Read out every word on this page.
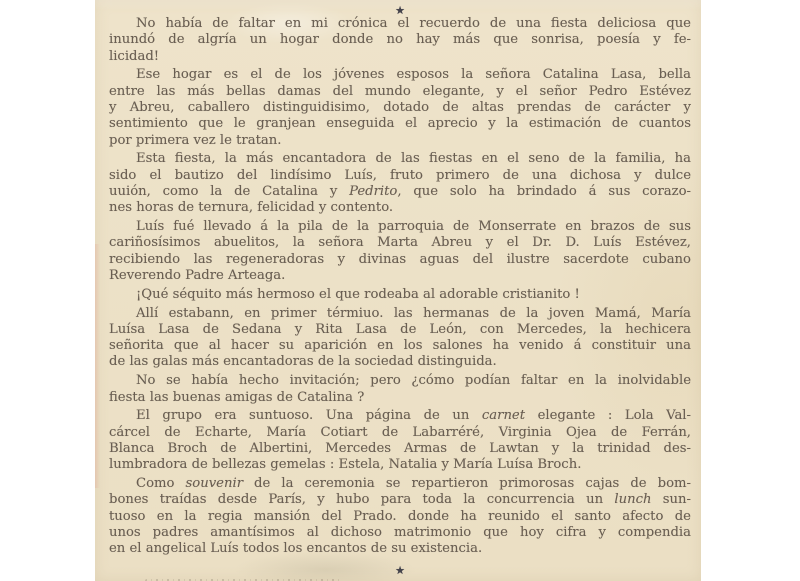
★
No había de faltar en mi crónica el recuerdo de una fiesta deliciosa que
inundó de algría un hogar donde no hay más que sonrisa, poesía y fe-
licidad!
Ese hogar es el de los jóvenes esposos la señora Catalina Lasa, bella
entre las más bellas damas del mundo elegante, y el señor Pedro Estévez
y Abreu, caballero distinguidisimo, dotado de altas prendas de carácter y
sentimiento que le granjean enseguida el aprecio y la estimación de cuantos
por primera vez le tratan.
Esta fiesta, la más encantadora de las fiestas en el seno de la familia, ha
sido el bautizo del lindísimo Luís, fruto primero de una dichosa y dulce
uuión, como la de Catalina y Pedrito, que solo ha brindado á sus corazo-
nes horas de ternura, felicidad y contento.
Luís fué llevado á la pila de la parroquia de Monserrate en brazos de sus
cariñosísimos abuelitos, la señora Marta Abreu y el Dr. D. Luís Estévez,
recibiendo las regeneradoras y divinas aguas del ilustre sacerdote cubano
Reverendo Padre Arteaga.
¡Qué séquito más hermoso el que rodeaba al adorable cristianito !
Allí estabann, en primer térmiuo. las hermanas de la joven Mamá, María
Luísa Lasa de Sedana y Rita Lasa de León, con Mercedes, la hechicera
señorita que al hacer su aparición en los salones ha venido á constituir una
de las galas más encantadoras de la sociedad distinguida.
No se había hecho invitación; pero ¿cómo podían faltar en la inolvidable
fiesta las buenas amigas de Catalina ?
El grupo era suntuoso. Una página de un carnet elegante : Lola Val-
cárcel de Echarte, María Cotiart de Labarréré, Virginia Ojea de Ferrán,
Blanca Broch de Albertini, Mercedes Armas de Lawtan y la trinidad des-
lumbradora de bellezas gemelas : Estela, Natalia y María Luísa Broch.
Como souvenir de la ceremonia se repartieron primorosas cajas de bom-
bones traídas desde París, y hubo para toda la concurrencia un lunch sun-
tuoso en la regia mansión del Prado. donde ha reunido el santo afecto de
unos padres amantísimos al dichoso matrimonio que hoy cifra y compendia
en el angelical Luís todos los encantos de su existencia.
★
